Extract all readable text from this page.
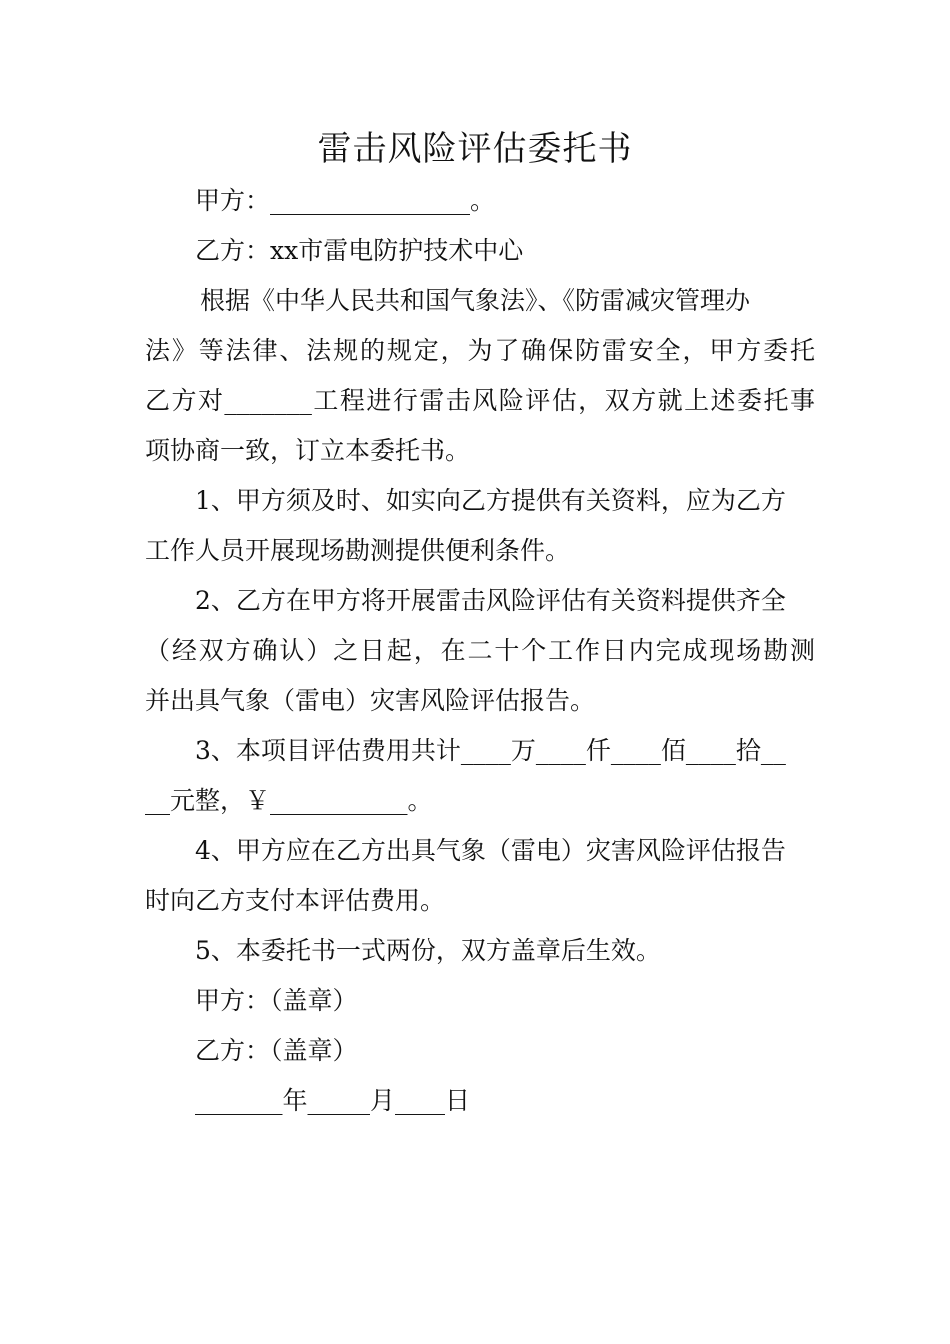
雷击风险评估委托书
甲方：________________。
乙方：xx市雷电防护技术中心
根据《中华人民共和国气象法》、《防雷减灾管理办
法》等法律、法规的规定，为了确保防雷安全，甲方委托
乙方对_______工程进行雷击风险评估，双方就上述委托事
项协商一致，订立本委托书。
1、甲方须及时、如实向乙方提供有关资料，应为乙方
工作人员开展现场勘测提供便利条件。
2、乙方在甲方将开展雷击风险评估有关资料提供齐全
（经双方确认）之日起，在二十个工作日内完成现场勘测
并出具气象（雷电）灾害风险评估报告。
3、本项目评估费用共计____万____仟____佰____拾__
__元整，￥___________。
4、甲方应在乙方出具气象（雷电）灾害风险评估报告
时向乙方支付本评估费用。
5、本委托书一式两份，双方盖章后生效。
甲方：（盖章）
乙方：（盖章）
_______年_____月____日
